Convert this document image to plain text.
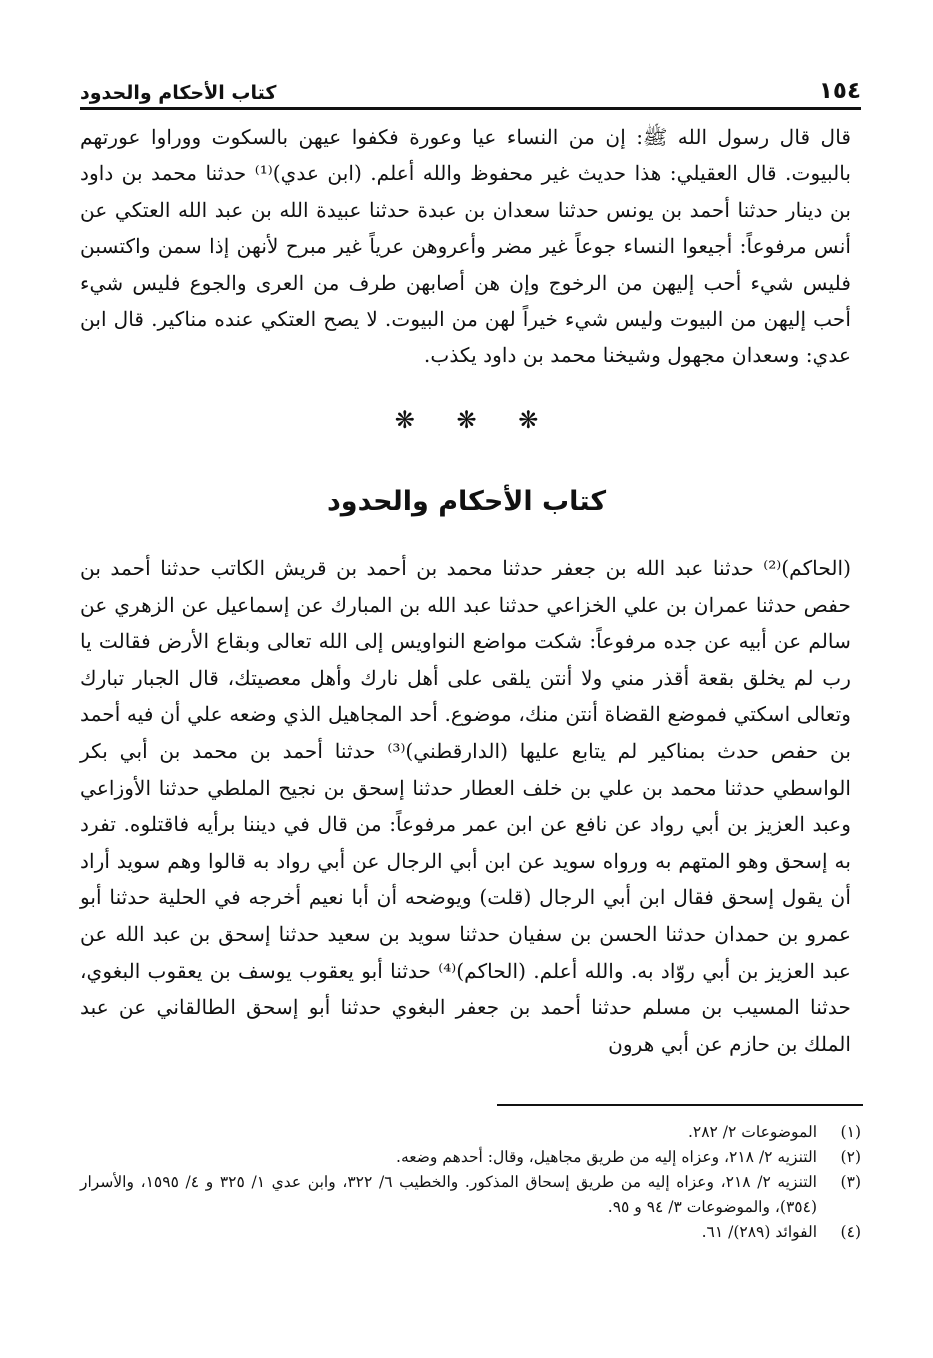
١٥٤
كتاب الأحكام والحدود

قال قال رسول الله ﷺ: إن من النساء عيا وعورة فكفوا عيهن بالسكوت ووراوا عورتهم بالبيوت. قال العقيلي: هذا حديث غير محفوظ والله أعلم. (ابن عدي)⁽¹⁾ حدثنا محمد بن داود بن دينار حدثنا أحمد بن يونس حدثنا سعدان بن عبدة حدثنا عبيدة الله بن عبد الله العتكي عن أنس مرفوعاً: أجيعوا النساء جوعاً غير مضر وأعروهن عرياً غير مبرح لأنهن إذا سمن واكتسبن فليس شيء أحب إليهن من الرخوج وإن هن أصابهن طرف من العرى والجوع فليس شيء أحب إليهن من البيوت وليس شيء خيراً لهن من البيوت. لا يصح العتكي عنده مناكير. قال ابن عدي: وسعدان مجهول وشيخنا محمد بن داود يكذب.

❋ ❋ ❋
كتاب الأحكام والحدود

(الحاكم)⁽²⁾ حدثنا عبد الله بن جعفر حدثنا محمد بن أحمد بن قريش الكاتب حدثنا أحمد بن حفص حدثنا عمران بن علي الخزاعي حدثنا عبد الله بن المبارك عن إسماعيل عن الزهري عن سالم عن أبيه عن جده مرفوعاً: شكت مواضع النواويس إلى الله تعالى وبقاع الأرض فقالت يا رب لم يخلق بقعة أقذر مني ولا أنتن يلقى على أهل نارك وأهل معصيتك، قال الجبار تبارك وتعالى اسكتي فموضع القضاة أنتن منك، موضوع. أحد المجاهيل الذي وضعه علي أن فيه أحمد بن حفص حدث بمناكير لم يتابع عليها (الدارقطني)⁽³⁾ حدثنا أحمد بن محمد بن أبي بكر الواسطي حدثنا محمد بن علي بن خلف العطار حدثنا إسحق بن نجيح الملطي حدثنا الأوزاعي وعبد العزيز بن أبي رواد عن نافع عن ابن عمر مرفوعاً: من قال في ديننا برأيه فاقتلوه. تفرد به إسحق وهو المتهم به ورواه سويد عن ابن أبي الرجال عن أبي رواد به قالوا وهم سويد أراد أن يقول إسحق فقال ابن أبي الرجال (قلت) ويوضحه أن أبا نعيم أخرجه في الحلية حدثنا أبو عمرو بن حمدان حدثنا الحسن بن سفيان حدثنا سويد بن سعيد حدثنا إسحق بن عبد الله عن عبد العزيز بن أبي روّاد به. والله أعلم. (الحاكم)⁽⁴⁾ حدثنا أبو يعقوب يوسف بن يعقوب البغوي، حدثنا المسيب بن مسلم حدثنا أحمد بن جعفر البغوي حدثنا أبو إسحق الطالقاني عن عبد الملك بن حازم عن أبي هرون

(١)
الموضوعات ٢/ ٢٨٢.
(٢)
التنزيه ٢/ ٢١٨، وعزاه إليه من طريق مجاهيل، وقال: أحدهم وضعه.
(٣)
التنزيه ٢/ ٢١٨، وعزاه إليه من طريق إسحاق المذكور. والخطيب ٦/ ٣٢٢، وابن عدي ١/ ٣٢٥ و ٤/ ١٥٩٥، والأسرار (٣٥٤)، والموضوعات ٣/ ٩٤ و ٩٥.
(٤)
الفوائد (٢٨٩)/ ٦١.
